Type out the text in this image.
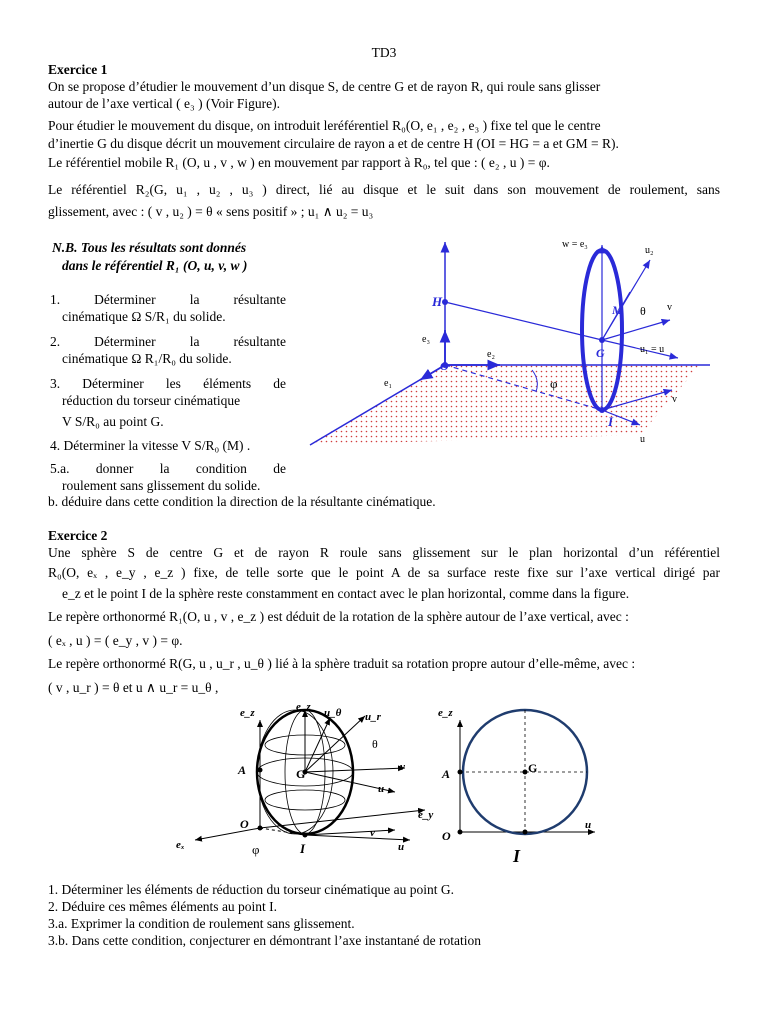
TD3
Exercice 1
On se propose d’étudier le mouvement d’un disque S, de centre G et de rayon R, qui roule sans glisser
autour de l’axe vertical ( e₃ ) (Voir Figure).
Pour étudier le mouvement du disque, on introduit leréférentiel R₀(O, e₁ , e₂ , e₃ ) fixe tel que le centre
d’inertie G du disque décrit un mouvement circulaire de rayon a et de centre H (OI = HG = a et GM = R).
Le référentiel mobile R₁ (O, u , v , w ) en mouvement par rapport à R₀, tel que : ( e₂ , u ) = φ.
Le référentiel R₂(G, u₁ , u₂ , u₃ ) direct, lié au disque et le suit dans son mouvement de roulement, sans
glissement, avec : ( v , u₂ ) = θ « sens positif » ; u₁ ∧ u₂ = u₃
N.B. Tous les résultats sont donnés
dans le référentiel R₁ (O, u, v, w )
1. Déterminer la résultante
cinématique Ω S/R₁ du solide.
2. Déterminer la résultante
cinématique Ω R₁/R₀ du solide.
3. Déterminer les éléments de
réduction du torseur cinématique
V S/R₀ au point G.
4. Déterminer la vitesse V S/R₀ (M) .
5.a. donner la condition de
roulement sans glissement du solide.
b. déduire dans cette condition la direction de la résultante cinématique.
w = e₃
u₂
H
M θ v
e₃
e₂	G	u₁ = u
O
e₁	φ
I
v
u
Exercice 2
Une sphère S de centre G et de rayon R roule sans glissement sur le plan horizontal d’un référentiel
R₀(O, eₓ , e_y , e_z ) fixe, de telle sorte que le point A de sa surface reste fixe sur l’axe vertical dirigé par
e_z et le point I de la sphère reste constamment en contact avec le plan horizontal, comme dans la figure.
Le repère orthonormé R₁(O, u , v , e_z ) est déduit de la rotation de la sphère autour de l’axe vertical, avec :
( eₓ , u ) = ( e_y , v ) = φ.
Le repère orthonormé R(G, u , u_r , u_θ ) lié à la sphère traduit sa rotation propre autour d’elle-même, avec :
( v , u_r ) = θ et u ∧ u_r = u_θ ,
e_z	e_z u_θ u_r
θ
A	G	v
u
e_y
O
v
eₓ	φ	I	u
e_z
A	G
O
u
I
1. Déterminer les éléments de réduction du torseur cinématique au point G.
2. Déduire ces mêmes éléments au point I.
3.a. Exprimer la condition de roulement sans glissement.
3.b. Dans cette condition, conjecturer en démontrant l’axe instantané de rotation
